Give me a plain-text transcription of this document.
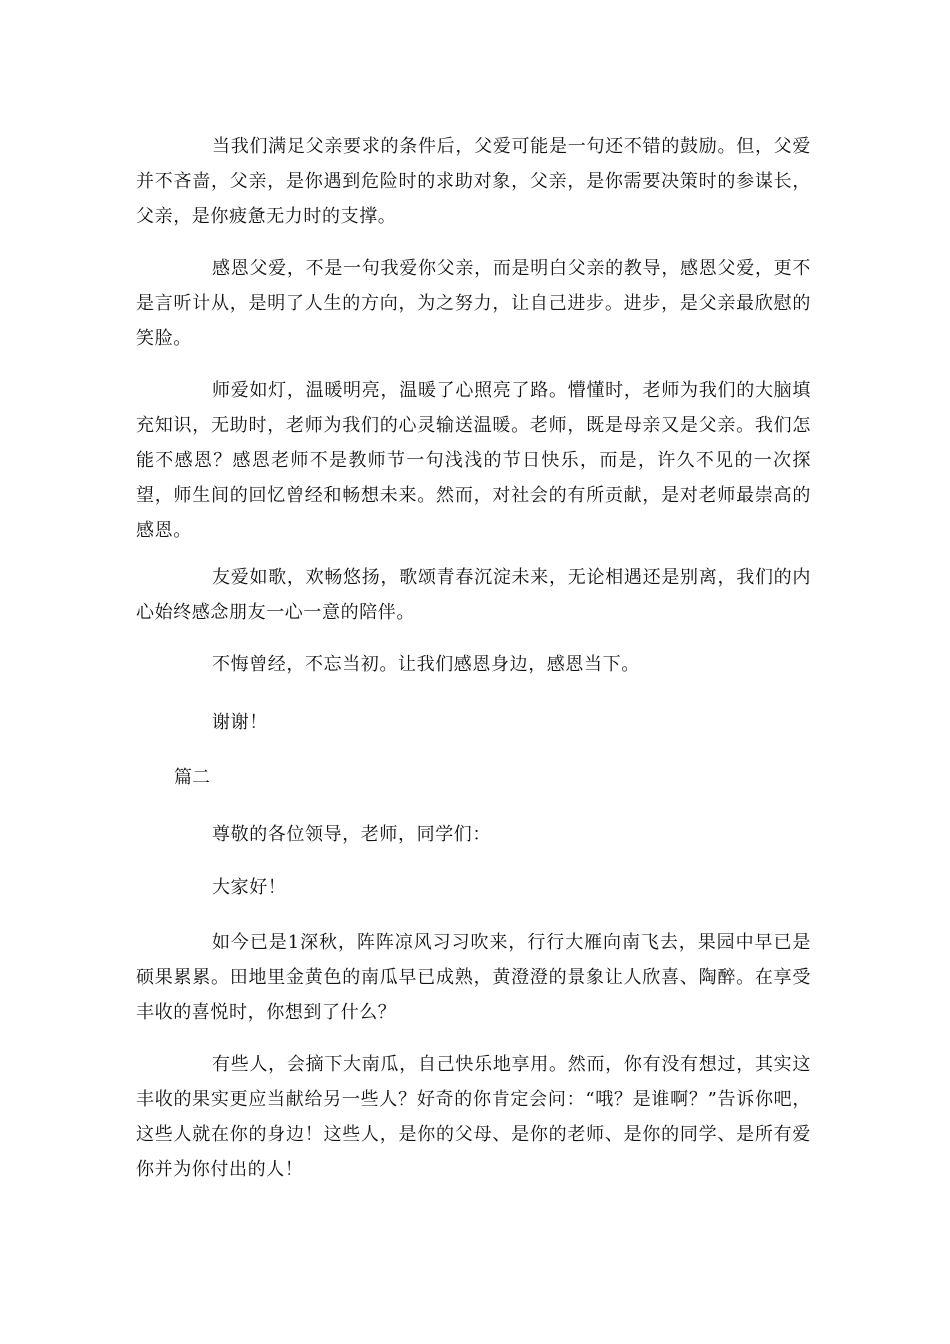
当我们满足父亲要求的条件后，父爱可能是一句还不错的鼓励。但，父爱并不吝啬，父亲，是你遇到危险时的求助对象，父亲，是你需要决策时的参谋长，父亲，是你疲惫无力时的支撑。

感恩父爱，不是一句我爱你父亲，而是明白父亲的教导，感恩父爱，更不是言听计从，是明了人生的方向，为之努力，让自己进步。进步，是父亲最欣慰的笑脸。

师爱如灯，温暖明亮，温暖了心照亮了路。懵懂时，老师为我们的大脑填充知识，无助时，老师为我们的心灵输送温暖。老师，既是母亲又是父亲。我们怎能不感恩？感恩老师不是教师节一句浅浅的节日快乐，而是，许久不见的一次探望，师生间的回忆曾经和畅想未来。然而，对社会的有所贡献，是对老师最崇高的感恩。

友爱如歌，欢畅悠扬，歌颂青春沉淀未来，无论相遇还是别离，我们的内心始终感念朋友一心一意的陪伴。

不悔曾经，不忘当初。让我们感恩身边，感恩当下。

谢谢！

篇二

尊敬的各位领导，老师，同学们：

大家好！

如今已是1深秋，阵阵凉风习习吹来，行行大雁向南飞去，果园中早已是硕果累累。田地里金黄色的南瓜早已成熟，黄澄澄的景象让人欣喜、陶醉。在享受丰收的喜悦时，你想到了什么？

有些人，会摘下大南瓜，自己快乐地享用。然而，你有没有想过，其实这丰收的果实更应当献给另一些人？好奇的你肯定会问：“哦？是谁啊？”告诉你吧，这些人就在你的身边！这些人，是你的父母、是你的老师、是你的同学、是所有爱你并为你付出的人！
